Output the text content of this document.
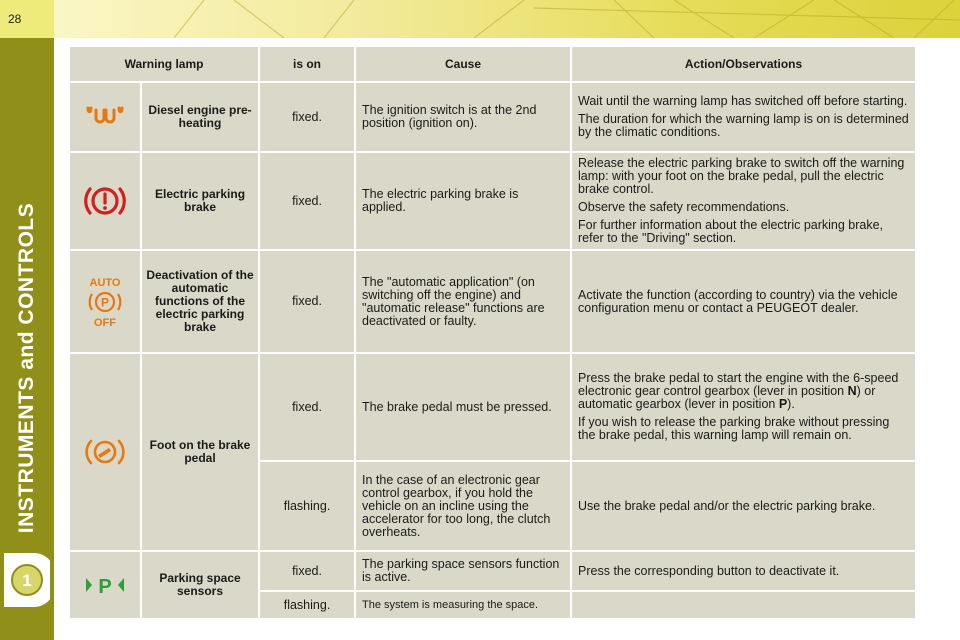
28
INSTRUMENTS and CONTROLS
1
Warning lamp		is on	Cause	Action/Observations

	Diesel engine pre-heating	fixed.	The ignition switch is at the 2nd position (ignition on).	Wait until the warning lamp has switched off before starting.

The duration for which the warning lamp is on is determined by the climatic conditions.

	Electric parking brake	fixed.	The electric parking brake is applied.	Release the electric parking brake to switch off the warning lamp: with your foot on the brake pedal, pull the electric brake control.

Observe the safety recommendations.

For further information about the electric parking brake, refer to the "Driving" section.

AUTO
P
OFF	Deactivation of the automatic functions of the electric parking brake	fixed.	The "automatic application" (on switching off the engine) and "automatic release" functions are deactivated or faulty.	Activate the function (according to country) via the vehicle configuration menu or contact a PEUGEOT dealer.

	Foot on the brake pedal	fixed.	The brake pedal must be pressed.	Press the brake pedal to start the engine with the 6-speed electronic gear control gearbox (lever in position N) or automatic gearbox (lever in position P).

If you wish to release the parking brake without pressing the brake pedal, this warning lamp will remain on.

		flashing.	In the case of an electronic gear control gearbox, if you hold the vehicle on an incline using the accelerator for too long, the clutch overheats.	Use the brake pedal and/or the electric parking brake.

P	Parking space sensors	fixed.	The parking space sensors function is active.	Press the corresponding button to deactivate it.

		flashing.	The system is measuring the space.	
